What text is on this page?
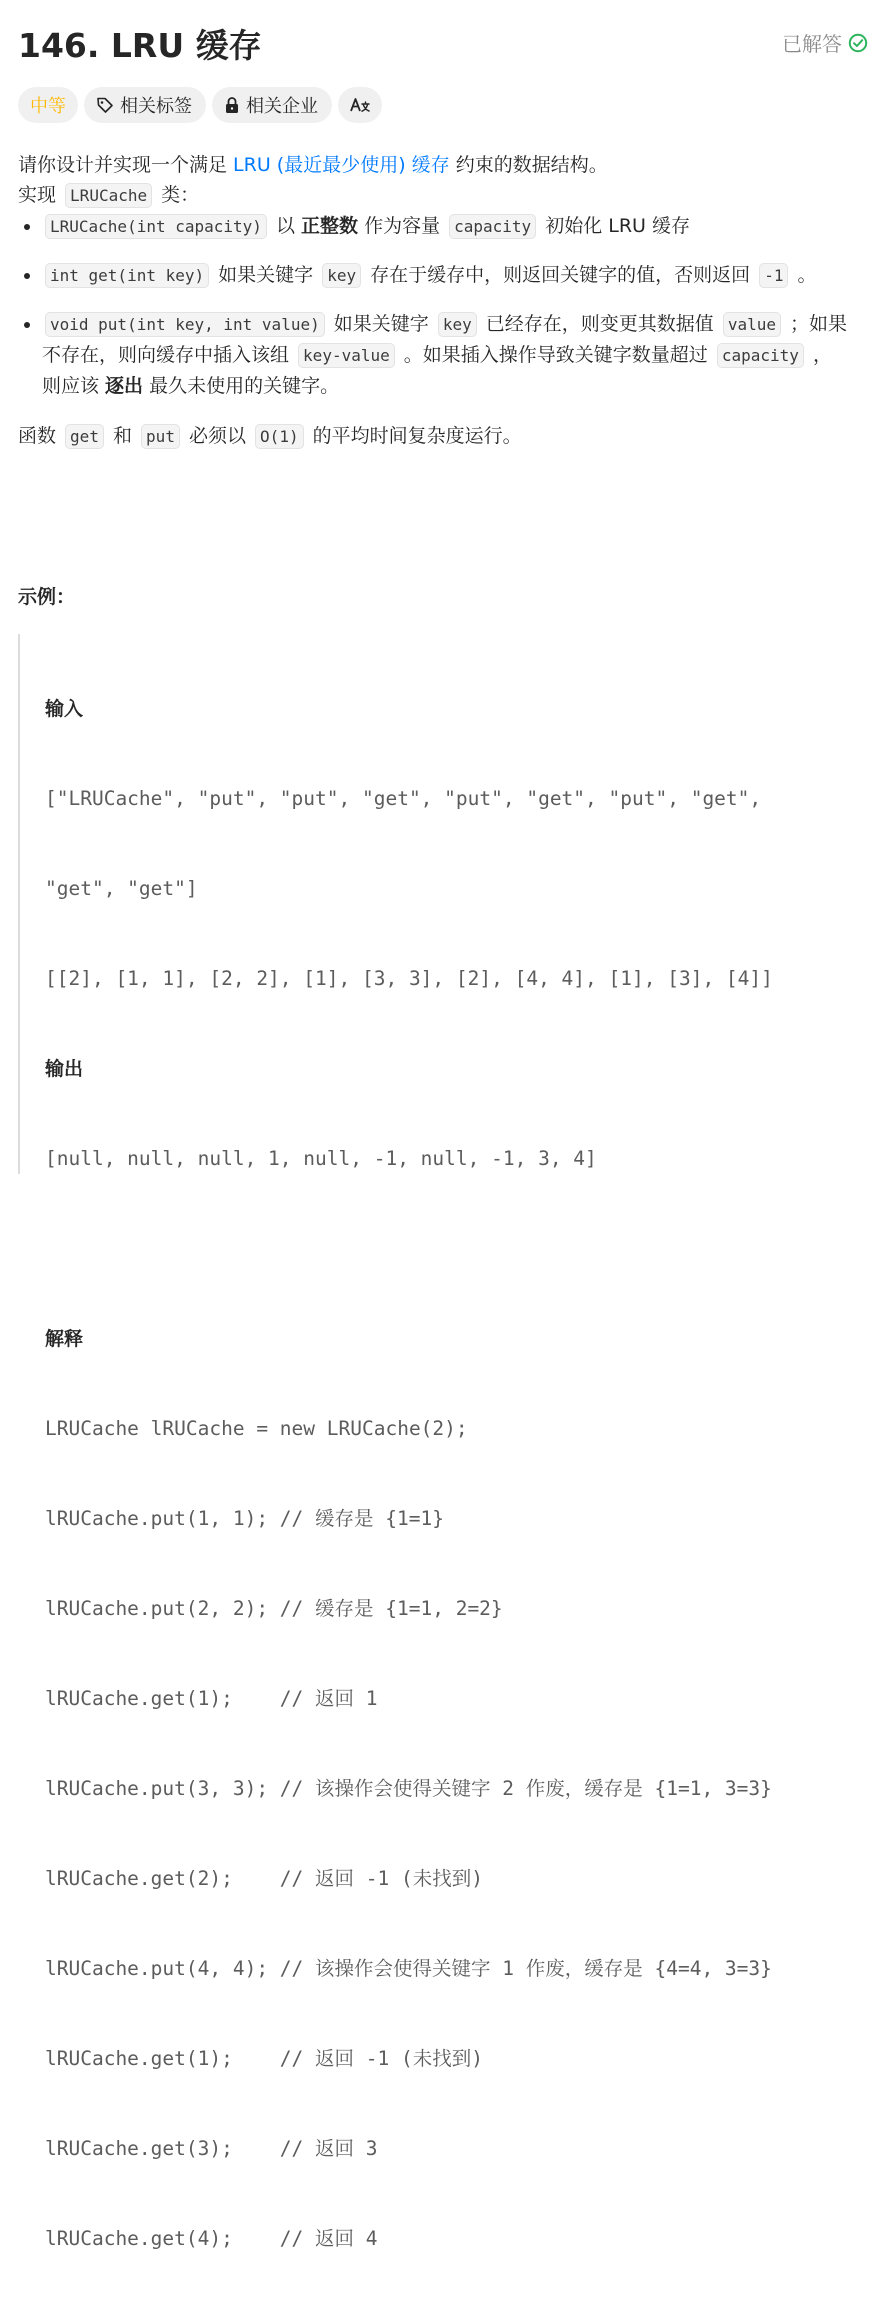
146. LRU 缓存	已解答
中等	相关标签	相关企业

请你设计并实现一个满足 LRU (最近最少使用) 缓存 约束的数据结构。

实现 LRUCache 类：

• LRUCache(int capacity) 以 正整数 作为容量 capacity 初始化 LRU 缓存
• int get(int key) 如果关键字 key 存在于缓存中，则返回关键字的值，否则返回 -1 。
• void put(int key, int value) 如果关键字 key 已经存在，则变更其数据值 value ；如果不存在，则向缓存中插入该组 key-value 。如果插入操作导致关键字数量超过 capacity ，则应该 逐出 最久未使用的关键字。

函数 get 和 put 必须以 O(1) 的平均时间复杂度运行。

示例：

输入

["LRUCache", "put", "put", "get", "put", "get", "put", "get",

"get", "get"]

[[2], [1, 1], [2, 2], [1], [3, 3], [2], [4, 4], [1], [3], [4]]

输出

[null, null, null, 1, null, -1, null, -1, 3, 4]

解释

LRUCache lRUCache = new LRUCache(2);

lRUCache.put(1, 1); // 缓存是 {1=1}

lRUCache.put(2, 2); // 缓存是 {1=1, 2=2}

lRUCache.get(1);    // 返回 1

lRUCache.put(3, 3); // 该操作会使得关键字 2 作废，缓存是 {1=1, 3=3}

lRUCache.get(2);    // 返回 -1 (未找到)

lRUCache.put(4, 4); // 该操作会使得关键字 1 作废，缓存是 {4=4, 3=3}

lRUCache.get(1);    // 返回 -1 (未找到)

lRUCache.get(3);    // 返回 3

lRUCache.get(4);    // 返回 4
